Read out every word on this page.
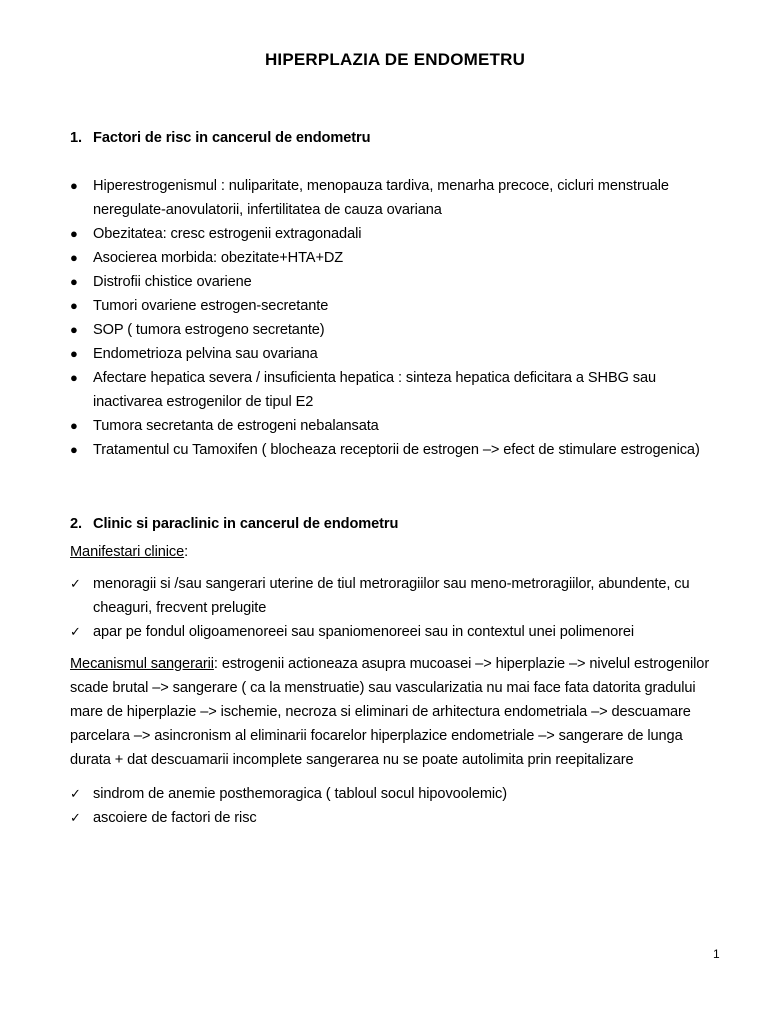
HIPERPLAZIA DE ENDOMETRU
1. Factori de risc in cancerul de endometru
●	Hiperestrogenismul : nuliparitate, menopauza tardiva, menarha precoce, cicluri menstruale neregulate-anovulatorii, infertilitatea de cauza ovariana
●	Obezitatea: cresc estrogenii extragonadali
●	Asocierea morbida: obezitate+HTA+DZ
●	Distrofii chistice ovariene
●	Tumori ovariene estrogen-secretante
●	SOP ( tumora estrogeno secretante)
●	Endometrioza pelvina sau ovariana
●	Afectare hepatica severa / insuficienta hepatica : sinteza hepatica deficitara a SHBG sau inactivarea estrogenilor de tipul E2
●	Tumora secretanta de estrogeni nebalansata
●	Tratamentul cu Tamoxifen ( blocheaza receptorii de estrogen –> efect de stimulare estrogenica)
2. Clinic si paraclinic in cancerul de endometru

Manifestari clinice:

✓ menoragii si /sau sangerari uterine de tiul metroragiilor sau meno-metroragiilor, abundente, cu cheaguri, frecvent prelugite
✓ apar pe fondul oligoamenoreei sau spaniomenoreei sau in contextul unei polimenorei

Mecanismul sangerarii: estrogenii actioneaza asupra mucoasei –> hiperplazie –> nivelul estrogenilor scade brutal –> sangerare ( ca la menstruatie) sau vascularizatia nu mai face fata datorita gradului mare de hiperplazie –> ischemie, necroza si eliminari de arhitectura endometriala –> descuamare parcelara –> asincronism al eliminarii focarelor hiperplazice endometriale –> sangerare de lunga durata + dat descuamarii incomplete sangerarea nu se poate autolimita prin reepitalizare

✓ sindrom de anemie posthemoragica ( tabloul socul hipovoolemic)
✓ ascoiere de factori de risc
1
